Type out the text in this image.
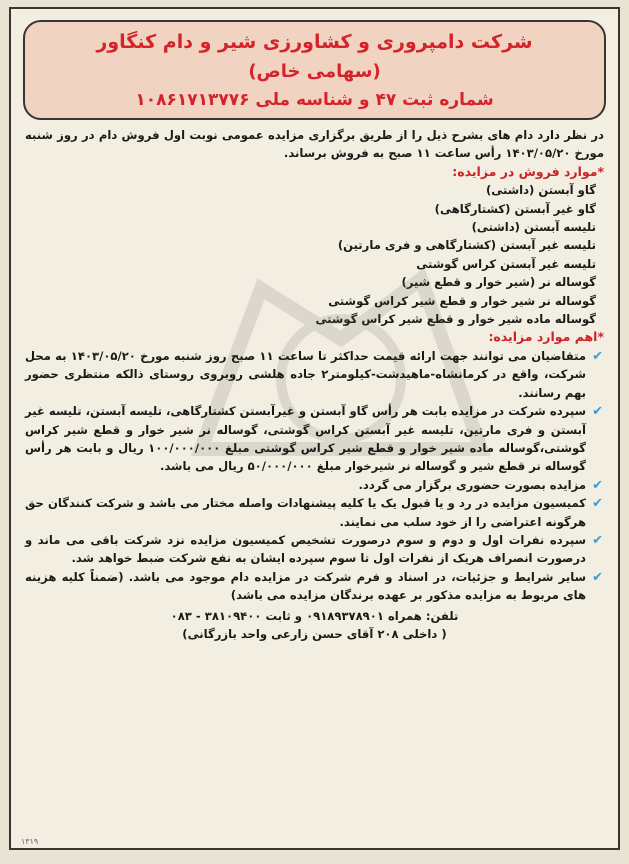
شرکت دامپروری و کشاورزی شیر و دام کنگاور
(سهامی خاص)
شماره ثبت ۴۷ و شناسه ملی ۱۰۸۶۱۷۱۳۷۷۶
در نظر دارد دام های بشرح ذیل را از طریق برگزاری مزایده عمومی نوبت اول فروش دام در روز شنبه مورخ ۱۴۰۳/۰۵/۲۰ رأس ساعت ۱۱ صبح به فروش برساند.
*موارد فروش در مزایده:
گاو آبستن (داشتی)
گاو غیر آبستن (کشتارگاهی)
تلیسه آبستن (داشتی)
تلیسه غیر آبستن (کشتارگاهی و فری مارتین)
تلیسه غیر آبستن کراس گوشتی
گوساله نر (شیر خوار و قطع شیر)
گوساله نر شیر خوار و قطع شیر کراس گوشتی
گوساله ماده شیر خوار و قطع شیر کراس گوشتی
*اهم موارد مزایده:
✔
متقاضیان می توانند جهت ارائه قیمت حداکثر تا ساعت ۱۱ صبح روز شنبه مورخ ۱۴۰۳/۰۵/۲۰ به محل شرکت، واقع در کرمانشاه-ماهیدشت-کیلومتر۲ جاده هلشی روبروی روستای ذالکه منتظری حضور بهم رسانند.
✔
سپرده شرکت در مزایده بابت هر رأس گاو آبستن و غیرآبستن کشتارگاهی، تلیسه آبستن، تلیسه غیر آبستن و فری مارتین، تلیسه غیر آبستن کراس گوشتی، گوساله نر شیر خوار و قطع شیر کراس گوشتی،گوساله ماده شیر خوار و قطع شیر کراس گوشتی مبلغ ۱۰۰/۰۰۰/۰۰۰ ریال و بابت هر رأس گوساله نر قطع شیر و گوساله نر شیرخوار مبلغ ۵۰/۰۰۰/۰۰۰ ریال می باشد.
✔
مزایده بصورت حضوری برگزار می گردد.
✔
کمیسیون مزایده در رد و یا قبول یک یا کلیه پیشنهادات واصله مختار می باشد و شرکت کنندگان حق هرگونه اعتراضی را از خود سلب می نمایند.
✔
سپرده نفرات اول و دوم و سوم درصورت تشخیص کمیسیون مزایده نزد شرکت باقی می ماند و درصورت انصراف هریک از نفرات اول تا سوم سپرده ایشان به نفع شرکت ضبط خواهد شد.
✔
سایر شرایط و جزئیات، در اسناد و فرم شرکت در مزایده دام موجود می باشد. (ضمناً کلیه هزینه های مربوط به مزایده مذکور بر عهده برندگان مزایده می باشد)
تلفن: همراه ۰۹۱۸۹۳۷۸۹۰۱ و ثابت ۳۸۱۰۹۴۰۰ - ۰۸۳
( داخلی ۲۰۸ آقای حسن زارعی واحد بازرگانی)
۱۳۱۹
